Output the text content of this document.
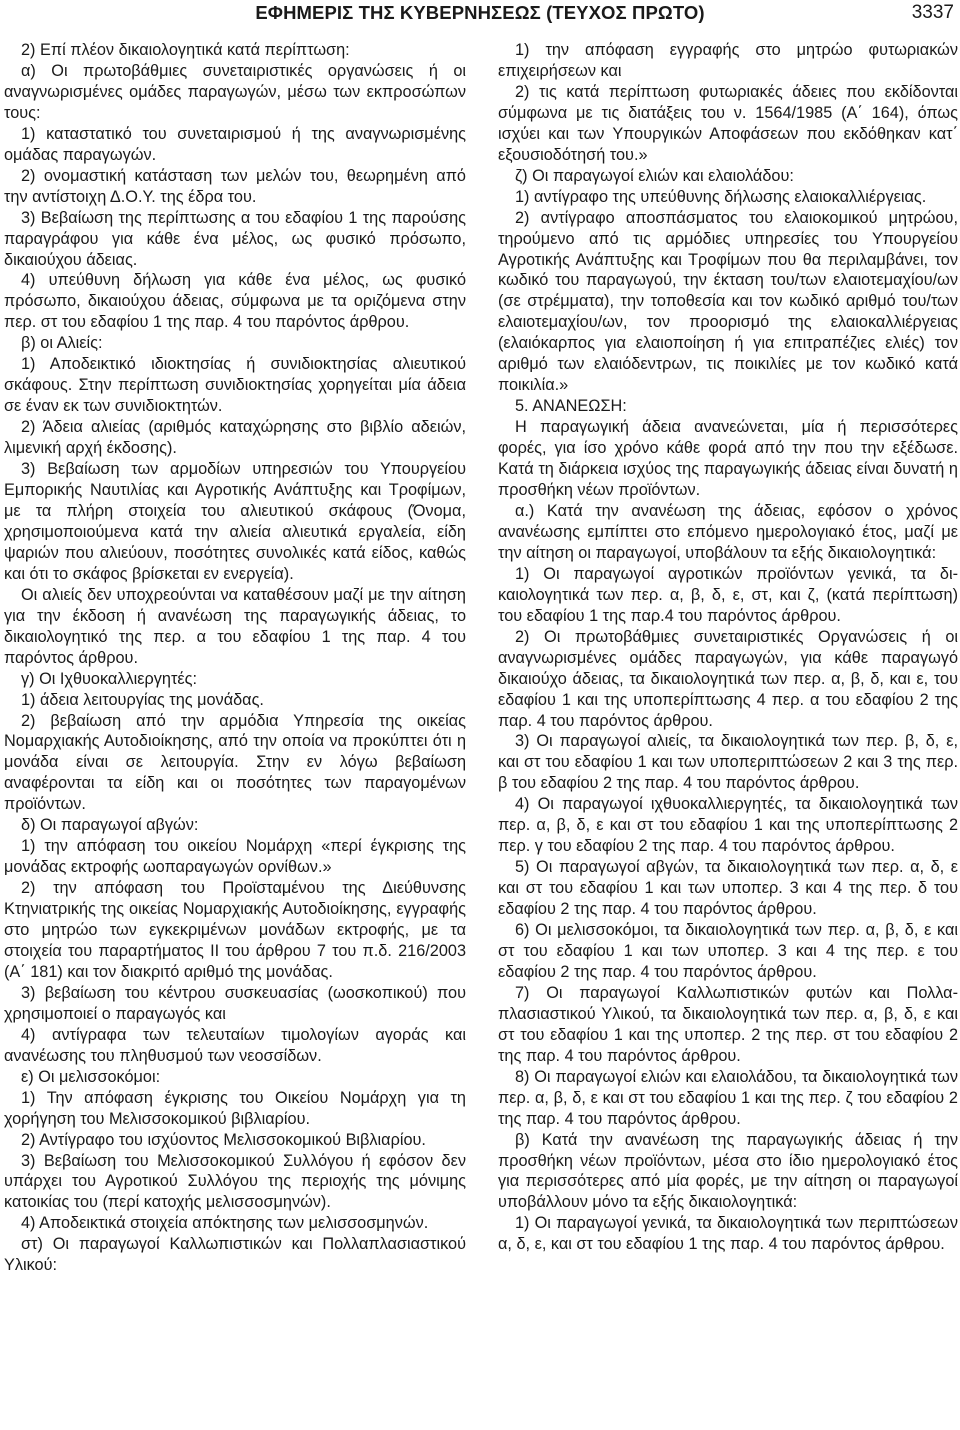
ΕΦΗΜΕΡΙΣ ΤΗΣ ΚΥΒΕΡΝΗΣΕΩΣ (ΤΕΥΧΟΣ ΠΡΩΤΟ)	3337

2) Επί πλέον δικαιολογητικά κατά περίπτωση:

α) Οι πρωτοβάθμιες συνεταιριστικές οργανώσεις ή οι αναγνωρισμένες ομάδες παραγωγών, μέσω των εκπροσώπων τους:

1) καταστατικό του συνεταιρισμού ή της αναγνωρισμένης ομάδας παραγωγών.

2) ονομαστική κατάσταση των μελών του, θεωρημένη από την αντίστοιχη Δ.Ο.Υ. της έδρα του.

3) Βεβαίωση της περίπτωσης α του εδαφίου 1 της παρούσης παραγράφου για κάθε ένα μέλος, ως φυσικό πρόσωπο, δικαιούχου άδειας.

4) υπεύθυνη δήλωση για κάθε ένα μέλος, ως φυσικό πρόσωπο, δικαιούχου άδειας, σύμφωνα με τα οριζόμενα στην περ. στ του εδαφίου 1 της παρ. 4 του παρόντος άρθρου.

β) οι Αλιείς:

1) Αποδεικτικό ιδιοκτησίας ή συνιδιοκτησίας αλιευτικού σκάφους. Στην περίπτωση συνιδιοκτησίας χορηγείται μία άδεια σε έναν εκ των συνιδιοκτητών.

2) Άδεια αλιείας (αριθμός καταχώρησης στο βιβλίο αδειών, λιμενική αρχή έκδοσης).

3) Βεβαίωση των αρμοδίων υπηρεσιών του Υπουργείου Εμπορικής Ναυτιλίας και Αγροτικής Ανάπτυξης και Τροφίμων, με τα πλήρη στοιχεία του αλιευτικού σκάφους (Όνομα, χρησιμοποιούμενα κατά την αλιεία αλιευτικά εργαλεία, είδη ψαριών που αλιεύουν, ποσότητες συνολικές κατά είδος, καθώς και ότι το σκάφος βρίσκεται εν ενεργεία).

Οι αλιείς δεν υποχρεούνται να καταθέσουν μαζί με την αίτηση για την έκδοση ή ανανέωση της παραγωγικής άδειας, το δικαιολογητικό της περ. α του εδαφίου 1 της παρ. 4 του παρόντος άρθρου.

γ) Οι Ιχθυοκαλλιεργητές:

1) άδεια λειτουργίας της μονάδας.

2) βεβαίωση από την αρμόδια Υπηρεσία της οικείας Νομαρχιακής Αυτοδιοίκησης, από την οποία να προκύπτει ότι η μονάδα είναι σε λειτουργία. Στην εν λόγω βεβαίωση αναφέρονται τα είδη και οι ποσότητες των παραγομένων προϊόντων.

δ) Οι παραγωγοί αβγών:

1) την απόφαση του οικείου Νομάρχη «περί έγκρισης της μονάδας εκτροφής ωοπαραγωγών ορνίθων.»

2) την απόφαση του Προϊσταμένου της Διεύθυνσης Κτηνιατρικής της οικείας Νομαρχιακής Αυτοδιοίκησης, εγγραφής στο μητρώο των εγκεκριμένων μονάδων εκτροφής, με τα στοιχεία του παραρτήματος ΙΙ του άρθρου 7 του π.δ. 216/2003 (Α΄ 181) και τον διακριτό αριθμό της μονάδας.

3) βεβαίωση του κέντρου συσκευασίας (ωοσκοπικού) που χρησιμοποιεί ο παραγωγός και

4) αντίγραφα των τελευταίων τιμολογίων αγοράς και ανανέωσης του πληθυσμού των νεοσσίδων.

ε) Οι μελισσοκόμοι:

1) Την απόφαση έγκρισης του Οικείου Νομάρχη για τη χορήγηση του Μελισσοκομικού βιβλιαρίου.

2) Αντίγραφο του ισχύοντος Μελισσοκομικού Βιβλιαρίου.

3) Βεβαίωση του Μελισσοκομικού Συλλόγου ή εφόσον δεν υπάρχει του Αγροτικού Συλλόγου της περιοχής της μόνιμης κατοικίας του (περί κατοχής μελισσοσμηνών).

4) Αποδεικτικά στοιχεία απόκτησης των μελισσοσμηνών.

στ) Οι παραγωγοί Καλλωπιστικών και Πολλαπλασιαστικού Υλικού:

1) την απόφαση εγγραφής στο μητρώο φυτωριακών επιχειρήσεων και

2) τις κατά περίπτωση φυτωριακές άδειες που εκδίδονται σύμφωνα με τις διατάξεις του ν. 1564/1985 (Α΄ 164), όπως ισχύει και των Υπουργικών Αποφάσεων που εκδόθηκαν κατ΄ εξουσιοδότησή του.»

ζ) Οι παραγωγοί ελιών και ελαιολάδου:

1) αντίγραφο της υπεύθυνης δήλωσης ελαιοκαλλιέργειας.

2) αντίγραφο αποσπάσματος του ελαιοκομικού μητρώου, τηρούμενο από τις αρμόδιες υπηρεσίες του Υπουργείου Αγροτικής Ανάπτυξης και Τροφίμων που θα περιλαμβάνει, τον κωδικό του παραγωγού, την έκταση του/των ελαιοτεμαχίου/ων (σε στρέμματα), την τοποθεσία και τον κωδικό αριθμό του/των ελαιοτεμαχίου/ων, τον προορισμό της ελαιοκαλλιέργειας (ελαιόκαρπος για ελαιοποίηση ή για επιτραπέζιες ελιές) τον αριθμό των ελαιόδεντρων, τις ποικιλίες με τον κωδικό κατά ποικιλία.»

5. ΑΝΑΝΕΩΣΗ:

Η παραγωγική άδεια ανανεώνεται, μία ή περισσότερες φορές, για ίσο χρόνο κάθε φορά από την που την εξέδωσε. Κατά τη διάρκεια ισχύος της παραγωγικής άδειας είναι δυνατή η προσθήκη νέων προϊόντων.

α.) Κατά την ανανέωση της άδειας, εφόσον ο χρόνος ανανέωσης εμπίπτει στο επόμενο ημερολογιακό έτος, μαζί με την αίτηση οι παραγωγοί, υποβάλουν τα εξής δικαιολογητικά:

1) Οι παραγωγοί αγροτικών προϊόντων γενικά, τα δικαιολογητικά των περ. α, β, δ, ε, στ, και ζ, (κατά περίπτωση) του εδαφίου 1 της παρ.4 του παρόντος άρθρου.

2) Οι πρωτοβάθμιες συνεταιριστικές Οργανώσεις ή οι αναγνωρισμένες ομάδες παραγωγών, για κάθε παραγωγό δικαιούχο άδειας, τα δικαιολογητικά των περ. α, β, δ, και ε, του εδαφίου 1 και της υποπερίπτωσης 4 περ. α του εδαφίου 2 της παρ. 4 του παρόντος άρθρου.

3) Οι παραγωγοί αλιείς, τα δικαιολογητικά των περ. β, δ, ε, και στ του εδαφίου 1 και των υποπεριπτώσεων 2 και 3 της περ. β του εδαφίου 2 της παρ. 4 του παρόντος άρθρου.

4) Οι παραγωγοί ιχθυοκαλλιεργητές, τα δικαιολογητικά των περ. α, β, δ, ε και στ του εδαφίου 1 και της υποπερίπτωσης 2 περ. γ του εδαφίου 2 της παρ. 4 του παρόντος άρθρου.

5) Οι παραγωγοί αβγών, τα δικαιολογητικά των περ. α, δ, ε και στ του εδαφίου 1 και των υποπερ. 3 και 4 της περ. δ του εδαφίου 2 της παρ. 4 του παρόντος άρθρου.

6) Οι μελισσοκόμοι, τα δικαιολογητικά των περ. α, β, δ, ε και στ του εδαφίου 1 και των υποπερ. 3 και 4 της περ. ε του εδαφίου 2 της παρ. 4 του παρόντος άρθρου.

7) Οι παραγωγοί Καλλωπιστικών φυτών και Πολλαπλασιαστικού Υλικού, τα δικαιολογητικά των περ. α, β, δ, ε και στ του εδαφίου 1 και της υποπερ. 2 της περ. στ του εδαφίου 2 της παρ. 4 του παρόντος άρθρου.

8) Οι παραγωγοί ελιών και ελαιολάδου, τα δικαιολογητικά των περ. α, β, δ, ε και στ του εδαφίου 1 και της περ. ζ του εδαφίου 2 της παρ. 4 του παρόντος άρθρου.

β) Κατά την ανανέωση της παραγωγικής άδειας ή την προσθήκη νέων προϊόντων, μέσα στο ίδιο ημερολογιακό έτος για περισσότερες από μία φορές, με την αίτηση οι παραγωγοί υποβάλλουν μόνο τα εξής δικαιολογητικά:

1) Οι παραγωγοί γενικά, τα δικαιολογητικά των περιπτώσεων α, δ, ε, και στ του εδαφίου 1 της παρ. 4 του παρόντος άρθρου.
